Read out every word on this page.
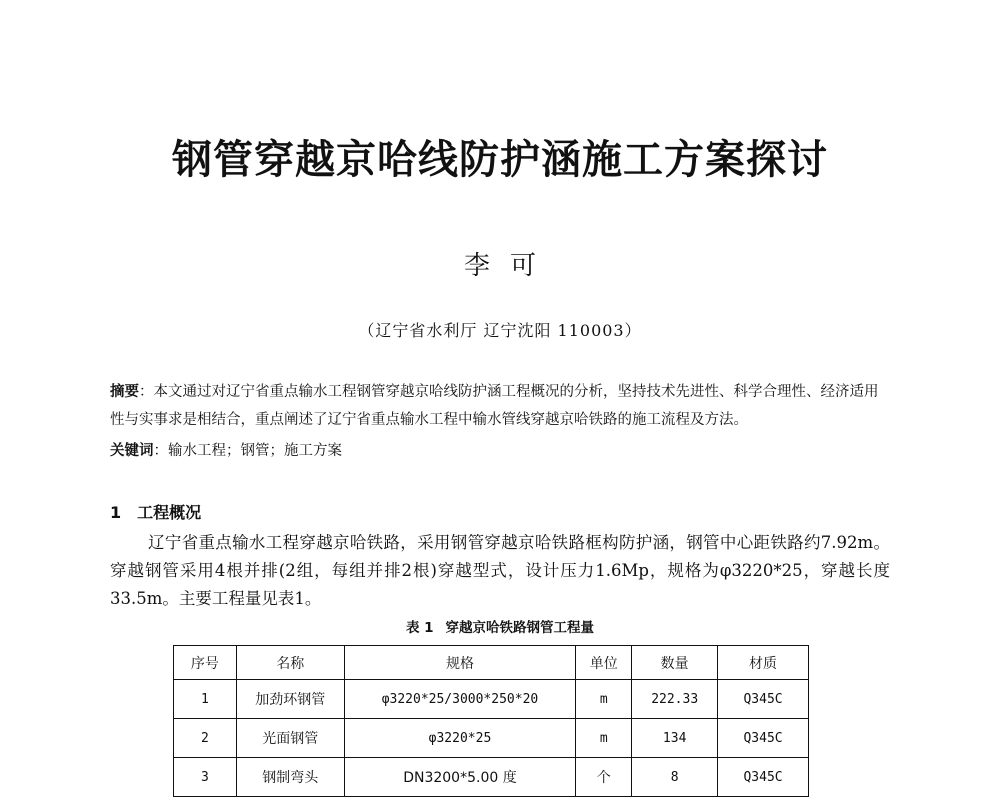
钢管穿越京哈线防护涵施工方案探讨
李可
（辽宁省水利厅 辽宁沈阳 110003）
摘要：本文通过对辽宁省重点输水工程钢管穿越京哈线防护涵工程概况的分析，坚持技术先进性、科学合理性、经济适用性与实事求是相结合，重点阐述了辽宁省重点输水工程中输水管线穿越京哈铁路的施工流程及方法。
关键词：输水工程；钢管；施工方案
1 工程概况
辽宁省重点输水工程穿越京哈铁路，采用钢管穿越京哈铁路框构防护涵，钢管中心距铁路约7.92m。穿越钢管采用4根并排(2组，每组并排2根)穿越型式，设计压力1.6Mp，规格为φ3220*25，穿越长度33.5m。主要工程量见表1。
表 1 穿越京哈铁路钢管工程量
序号	名称	规格	单位	数量	材质
1	加劲环钢管	φ3220*25/3000*250*20	m	222.33	Q345C
2	光面钢管	φ3220*25	m	134	Q345C
3	钢制弯头	DN3200*5.00 度	个	8	Q345C
